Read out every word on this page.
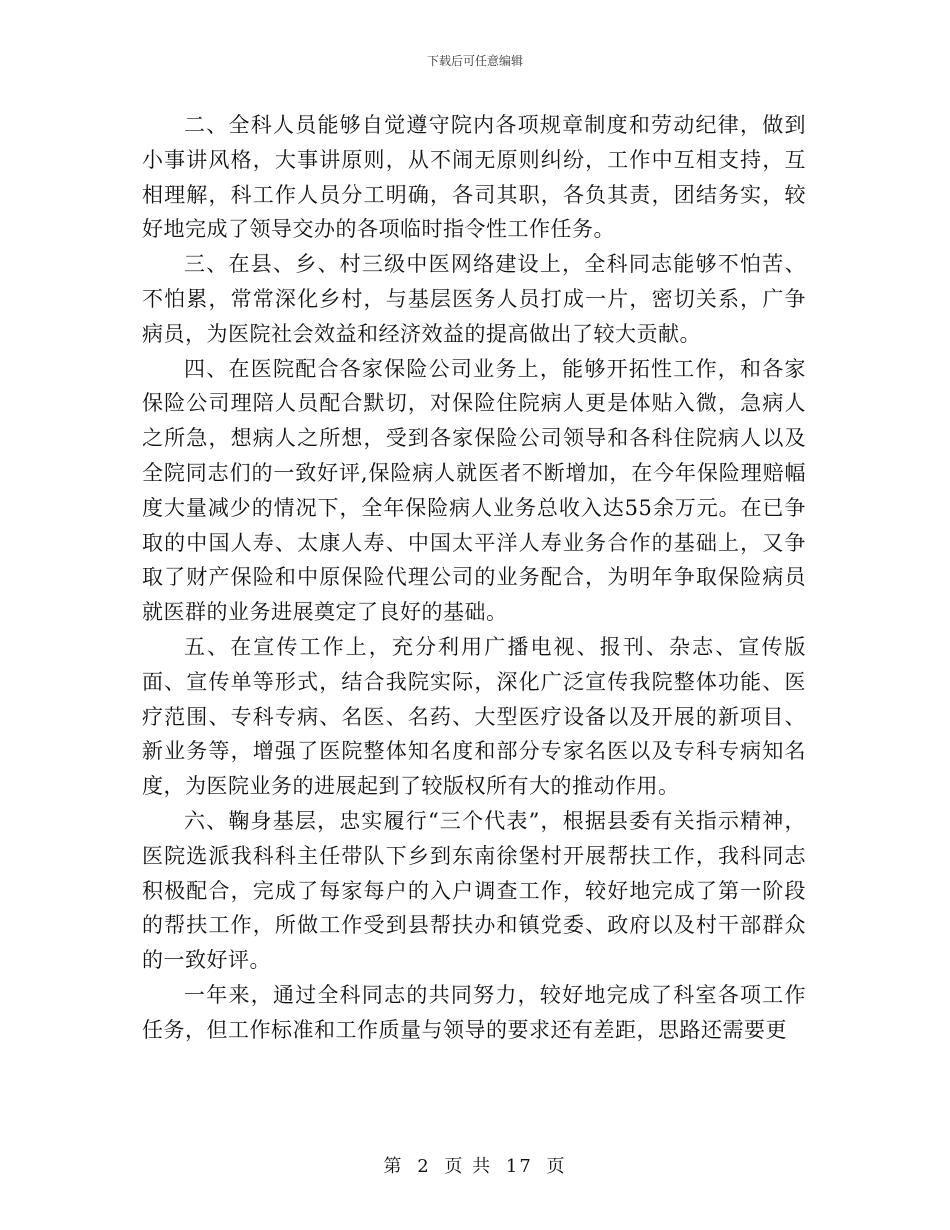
下载后可任意编辑

二、全科人员能够自觉遵守院内各项规章制度和劳动纪律，做到小事讲风格，大事讲原则，从不闹无原则纠纷，工作中互相支持，互相理解，科工作人员分工明确，各司其职，各负其责，团结务实，较好地完成了领导交办的各项临时指令性工作任务。

三、在县、乡、村三级中医网络建设上，全科同志能够不怕苦、不怕累，常常深化乡村，与基层医务人员打成一片，密切关系，广争病员，为医院社会效益和经济效益的提高做出了较大贡献。

四、在医院配合各家保险公司业务上，能够开拓性工作，和各家保险公司理陪人员配合默切，对保险住院病人更是体贴入微，急病人之所急，想病人之所想，受到各家保险公司领导和各科住院病人以及全院同志们的一致好评,保险病人就医者不断增加，在今年保险理赔幅度大量减少的情况下，全年保险病人业务总收入达55余万元。在已争取的中国人寿、太康人寿、中国太平洋人寿业务合作的基础上，又争取了财产保险和中原保险代理公司的业务配合，为明年争取保险病员就医群的业务进展奠定了良好的基础。

五、在宣传工作上，充分利用广播电视、报刊、杂志、宣传版面、宣传单等形式，结合我院实际，深化广泛宣传我院整体功能、医疗范围、专科专病、名医、名药、大型医疗设备以及开展的新项目、新业务等，增强了医院整体知名度和部分专家名医以及专科专病知名度，为医院业务的进展起到了较版权所有大的推动作用。

六、鞠身基层，忠实履行“三个代表”，根据县委有关指示精神，医院选派我科科主任带队下乡到东南徐堡村开展帮扶工作，我科同志积极配合，完成了每家每户的入户调查工作，较好地完成了第一阶段的帮扶工作，所做工作受到县帮扶办和镇党委、政府以及村干部群众的一致好评。

一年来，通过全科同志的共同努力，较好地完成了科室各项工作任务，但工作标准和工作质量与领导的要求还有差距，思路还需要更

第 2 页 共 17 页
